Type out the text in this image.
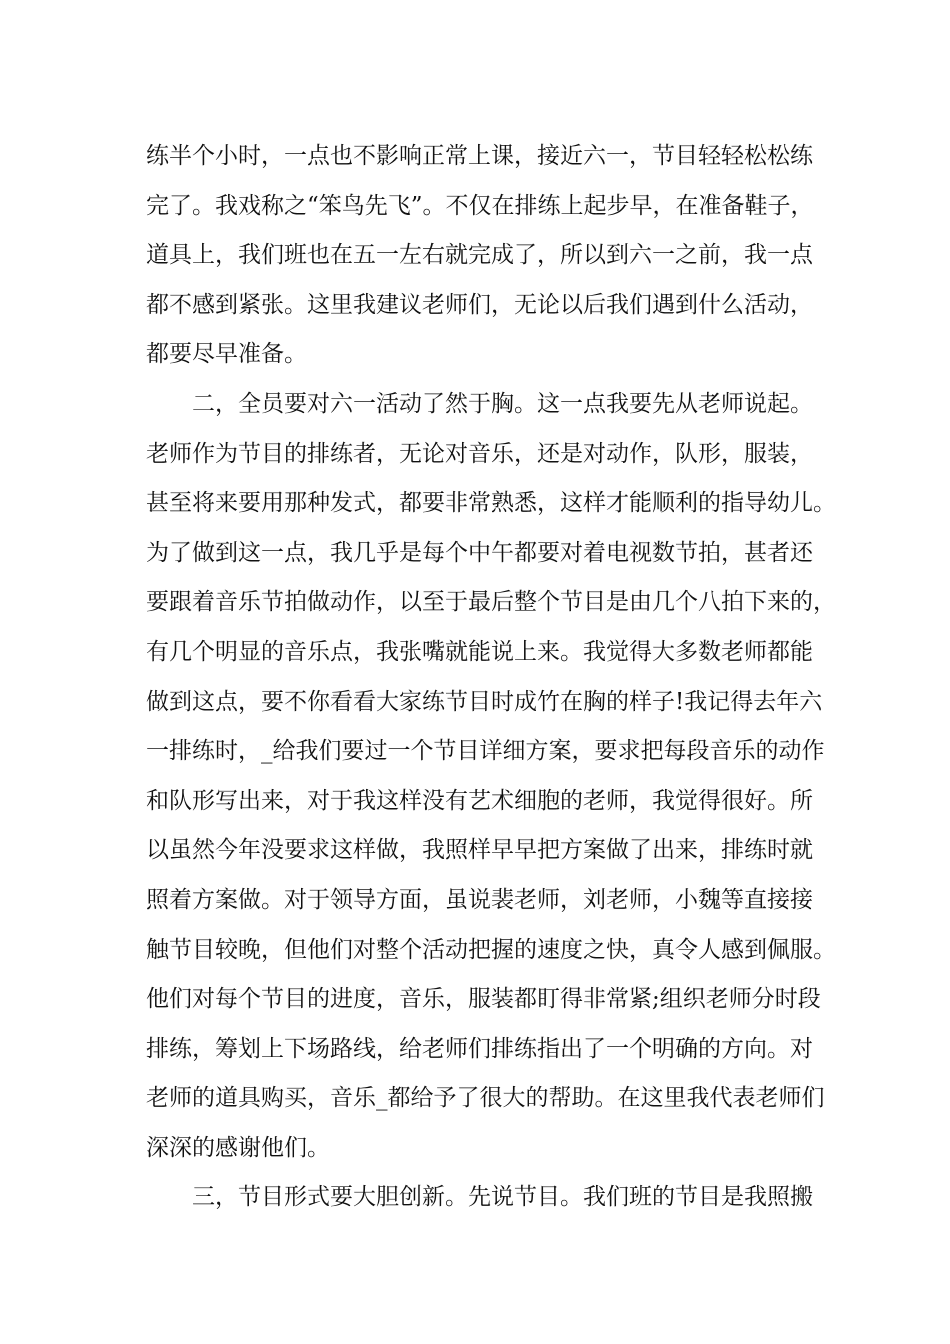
练半个小时，一点也不影响正常上课，接近六一，节目轻轻松松练
完了。我戏称之“笨鸟先飞”。不仅在排练上起步早，在准备鞋子，
道具上，我们班也在五一左右就完成了，所以到六一之前，我一点
都不感到紧张。这里我建议老师们，无论以后我们遇到什么活动，
都要尽早准备。
二，全员要对六一活动了然于胸。这一点我要先从老师说起。
老师作为节目的排练者，无论对音乐，还是对动作，队形，服装，
甚至将来要用那种发式，都要非常熟悉，这样才能顺利的指导幼儿。
为了做到这一点，我几乎是每个中午都要对着电视数节拍，甚者还
要跟着音乐节拍做动作，以至于最后整个节目是由几个八拍下来的，
有几个明显的音乐点，我张嘴就能说上来。我觉得大多数老师都能
做到这点，要不你看看大家练节目时成竹在胸的样子!我记得去年六
一排练时，_给我们要过一个节目详细方案，要求把每段音乐的动作
和队形写出来，对于我这样没有艺术细胞的老师，我觉得很好。所
以虽然今年没要求这样做，我照样早早把方案做了出来，排练时就
照着方案做。对于领导方面，虽说裴老师，刘老师，小魏等直接接
触节目较晚，但他们对整个活动把握的速度之快，真令人感到佩服。
他们对每个节目的进度，音乐，服装都盯得非常紧;组织老师分时段
排练，筹划上下场路线，给老师们排练指出了一个明确的方向。对
老师的道具购买，音乐_都给予了很大的帮助。在这里我代表老师们
深深的感谢他们。
三，节目形式要大胆创新。先说节目。我们班的节目是我照搬
